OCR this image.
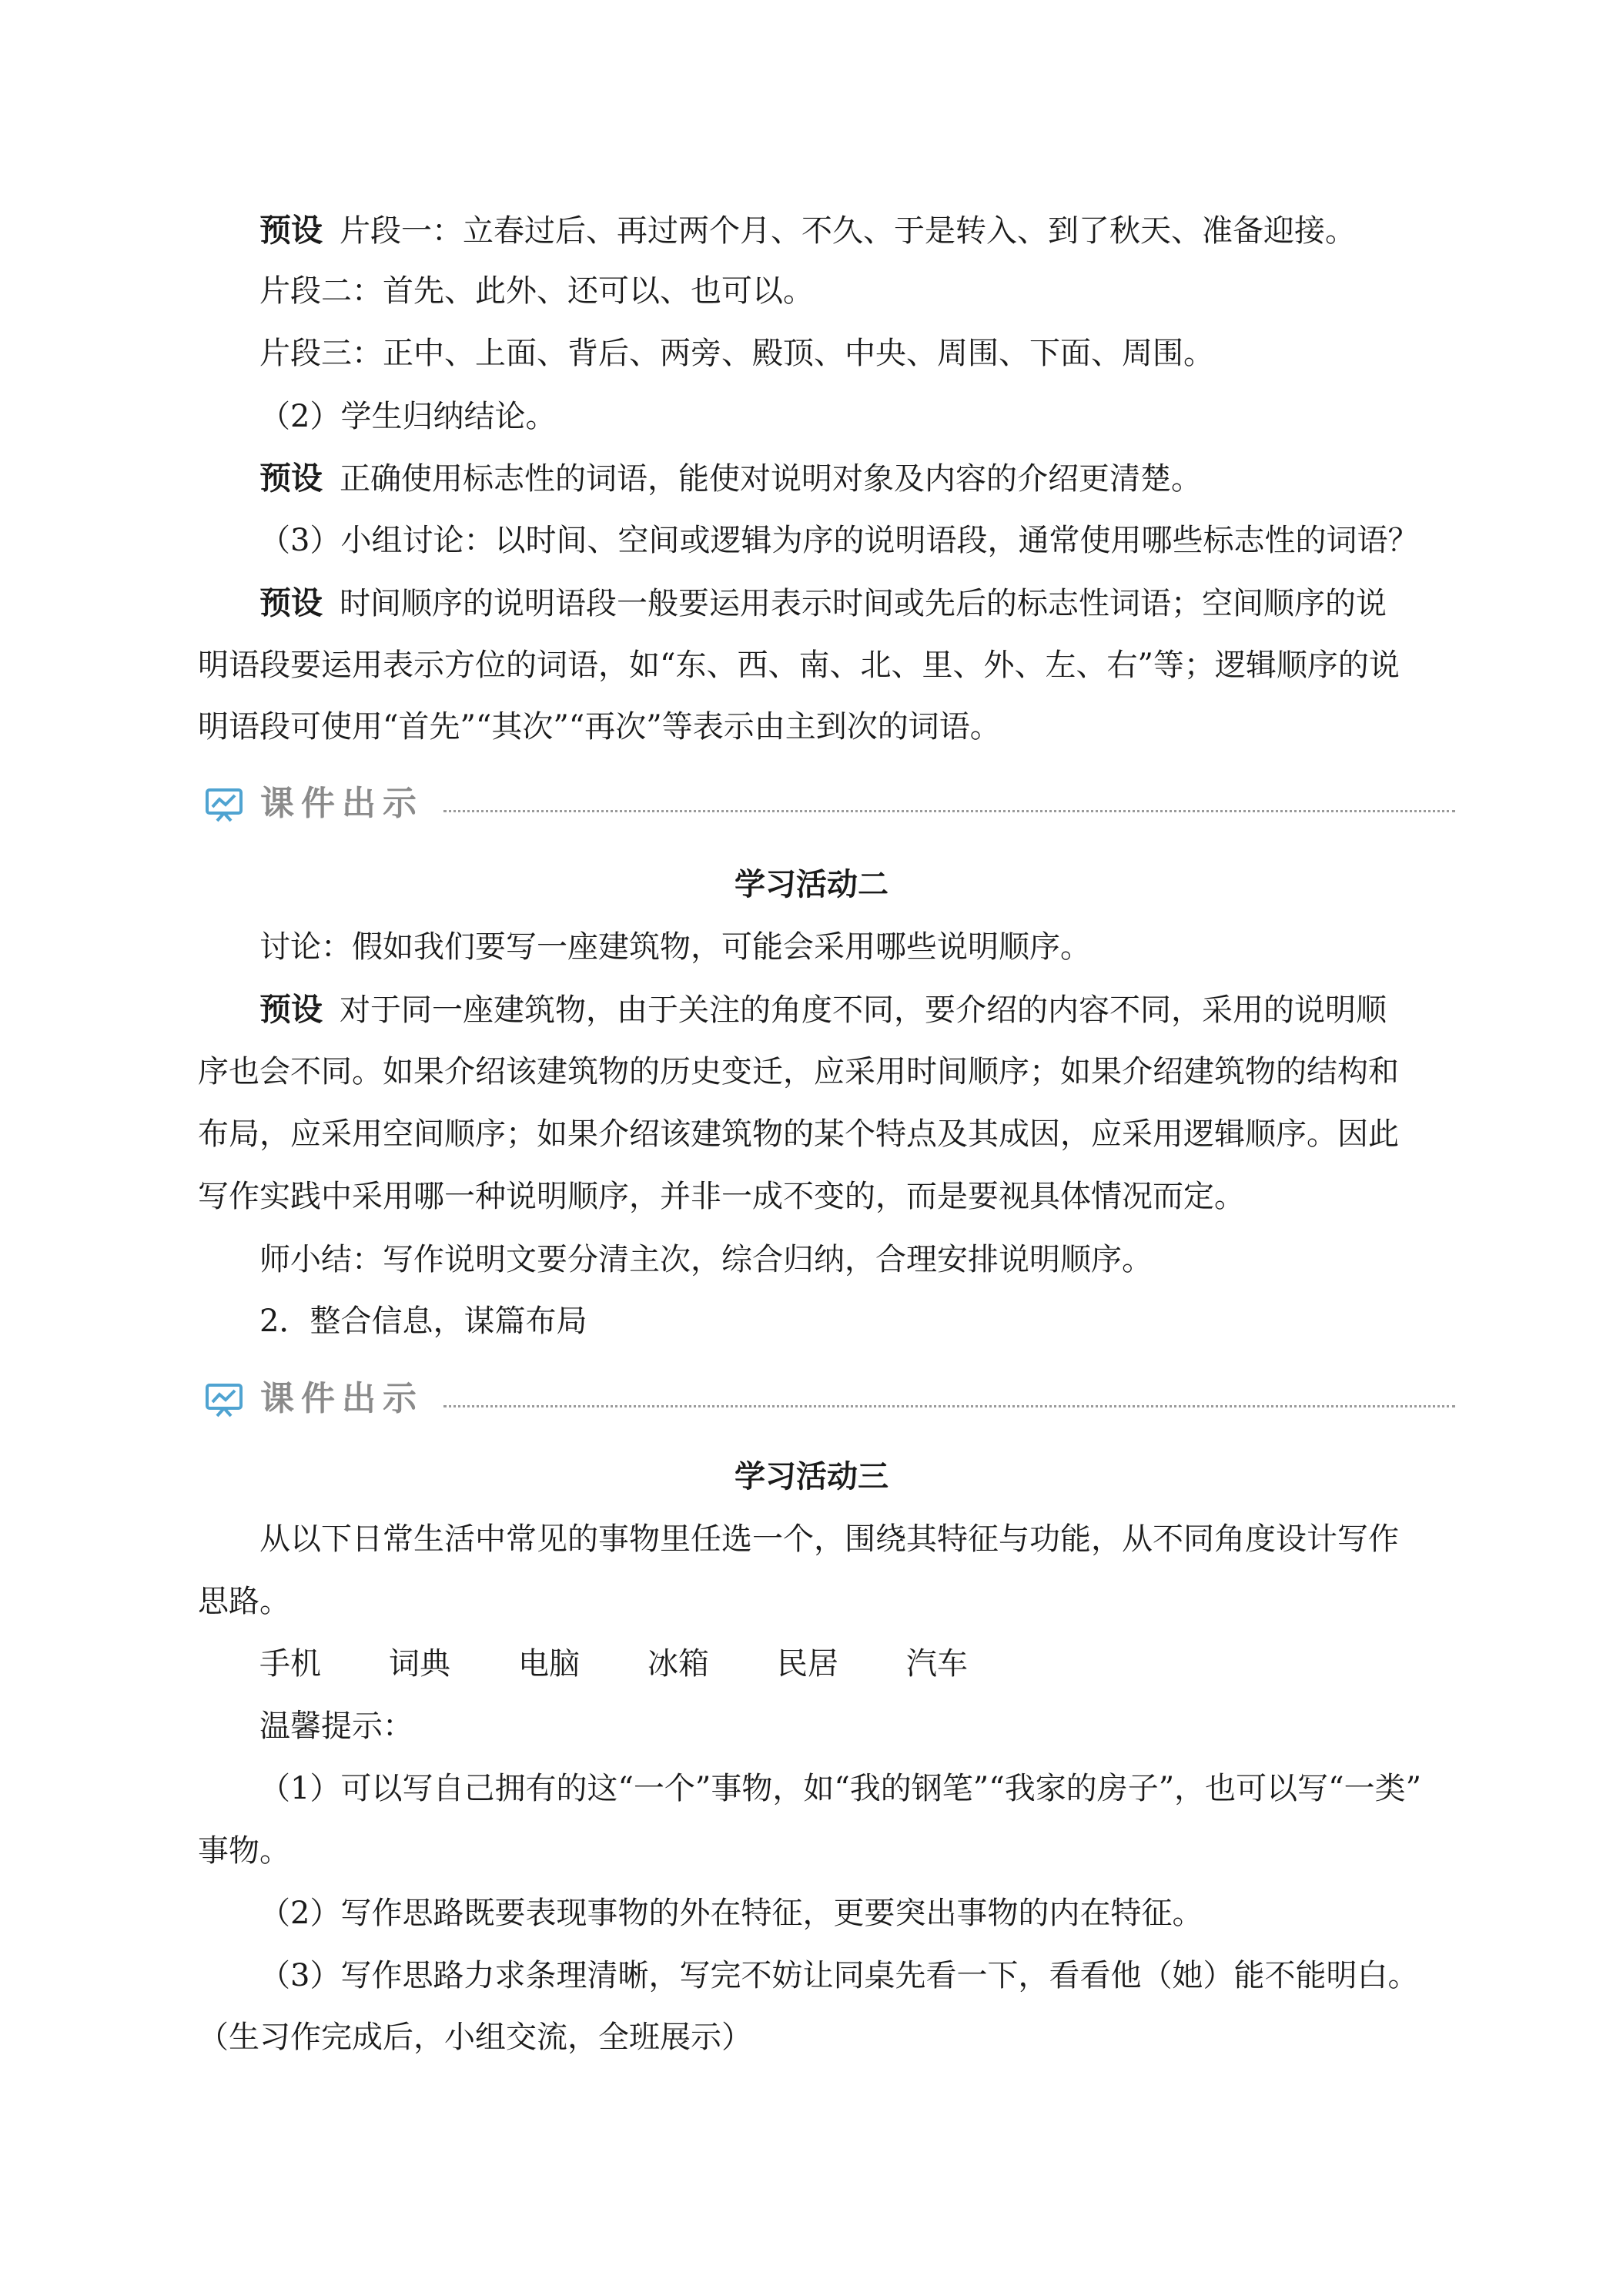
预设 片段一：立春过后、再过两个月、不久、于是转入、到了秋天、准备迎接。
片段二：首先、此外、还可以、也可以。
片段三：正中、上面、背后、两旁、殿顶、中央、周围、下面、周围。
（2）学生归纳结论。
预设 正确使用标志性的词语，能使对说明对象及内容的介绍更清楚。
（3）小组讨论：以时间、空间或逻辑为序的说明语段，通常使用哪些标志性的词语？
预设 时间顺序的说明语段一般要运用表示时间或先后的标志性词语；空间顺序的说
明语段要运用表示方位的词语，如“东、西、南、北、里、外、左、右”等；逻辑顺序的说
明语段可使用“首先”“其次”“再次”等表示由主到次的词语。
课件出示
学习活动二
讨论：假如我们要写一座建筑物，可能会采用哪些说明顺序。
预设 对于同一座建筑物，由于关注的角度不同，要介绍的内容不同，采用的说明顺
序也会不同。如果介绍该建筑物的历史变迁，应采用时间顺序；如果介绍建筑物的结构和
布局，应采用空间顺序；如果介绍该建筑物的某个特点及其成因，应采用逻辑顺序。因此
写作实践中采用哪一种说明顺序，并非一成不变的，而是要视具体情况而定。
师小结：写作说明文要分清主次，综合归纳，合理安排说明顺序。
2．整合信息，谋篇布局
课件出示
学习活动三
从以下日常生活中常见的事物里任选一个，围绕其特征与功能，从不同角度设计写作
思路。
手机 词典 电脑 冰箱 民居 汽车
温馨提示：
（1）可以写自己拥有的这“一个”事物，如“我的钢笔”“我家的房子”，也可以写“一类”
事物。
（2）写作思路既要表现事物的外在特征，更要突出事物的内在特征。
（3）写作思路力求条理清晰，写完不妨让同桌先看一下，看看他（她）能不能明白。
（生习作完成后，小组交流，全班展示）
